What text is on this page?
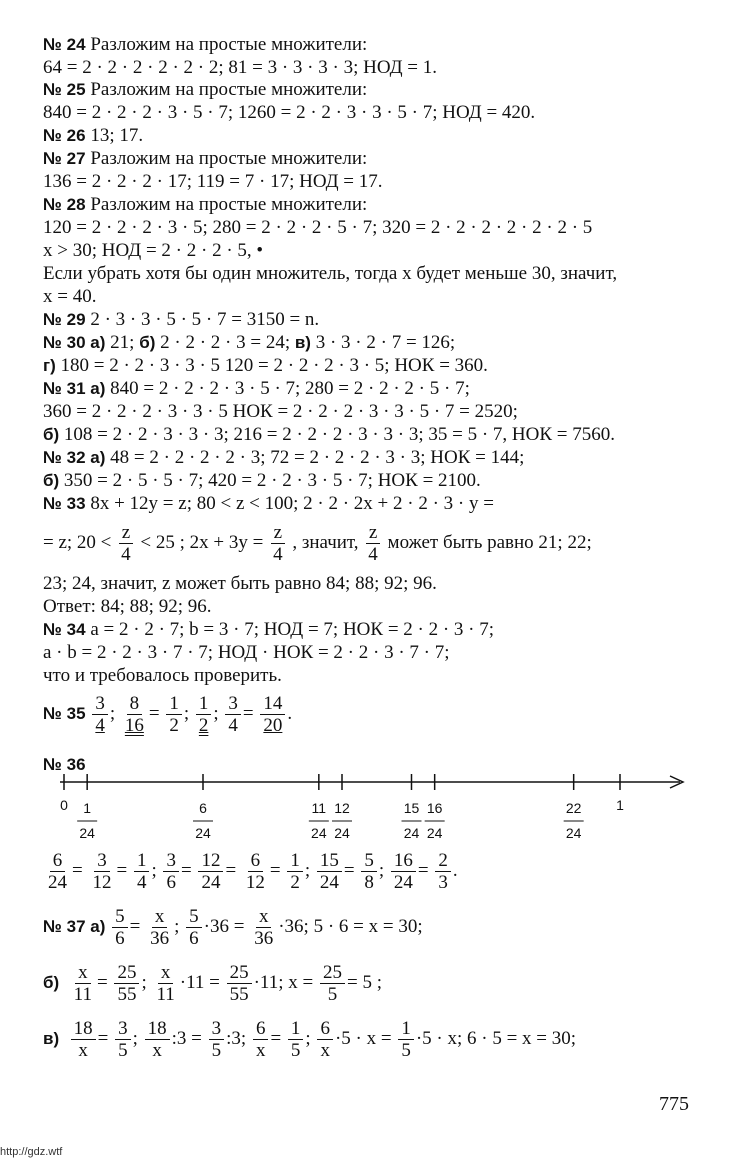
№ 24 Разложим на простые множители:
64 = 2 · 2 · 2 · 2 · 2 · 2; 81 = 3 · 3 · 3 · 3; НОД = 1.
№ 25 Разложим на простые множители:
840 = 2 · 2 · 2 · 3 · 5 · 7; 1260 = 2 · 2 · 3 · 3 · 5 · 7; НОД = 420.
№ 26 13; 17.
№ 27 Разложим на простые множители:
136 = 2 · 2 · 2 · 17; 119 = 7 · 17; НОД = 17.
№ 28 Разложим на простые множители:
120 = 2 · 2 · 2 · 3 · 5; 280 = 2 · 2 · 2 · 5 · 7; 320 = 2 · 2 · 2 · 2 · 2 · 2 · 5
x > 30; НОД = 2 · 2 · 2 · 5, •
Если убрать хотя бы один множитель, тогда x будет меньше 30, значит,
x = 40.
№ 29 2 · 3 · 3 · 5 · 5 · 7 = 3150 = n.
№ 30 а) 21; б) 2 · 2 · 2 · 3 = 24; в) 3 · 3 · 2 · 7 = 126;
г) 180 = 2 · 2 · 3 · 3 · 5 120 = 2 · 2 · 2 · 3 · 5; НОК = 360.
№ 31 а) 840 = 2 · 2 · 2 · 3 · 5 · 7; 280 = 2 · 2 · 2 · 5 · 7;
360 = 2 · 2 · 2 · 3 · 3 · 5 НОК = 2 · 2 · 2 · 3 · 3 · 5 · 7 = 2520;
б) 108 = 2 · 2 · 3 · 3 · 3; 216 = 2 · 2 · 2 · 3 · 3 · 3; 35 = 5 · 7, НОК = 7560.
№ 32 а) 48 = 2 · 2 · 2 · 2 · 3; 72 = 2 · 2 · 2 · 3 · 3; НОК = 144;
б) 350 = 2 · 5 · 5 · 7; 420 = 2 · 2 · 3 · 5 · 7; НОК = 2100.
№ 33 8x + 12y = z; 80 < z < 100; 2 · 2 · 2x + 2 · 2 · 3 · y =
= z; $20 < \frac{z}{4} < 25$ ; $2x + 3y = \frac{z}{4}$ , значит, $\frac{z}{4}$ может быть равно 21; 22;
23; 24, значит, z может быть равно 84; 88; 92; 96.
Ответ: 84; 88; 92; 96.
№ 34 a = 2 · 2 · 7; b = 3 · 7; НОД = 7; НОК = 2 · 2 · 3 · 7;
a · b = 2 · 2 · 3 · 7 · 7; НОД · НОК = 2 · 2 · 3 · 7 · 7;
что и требовалось проверить.
№ $35 \frac{3}{4}$ ; $\frac{8}{16} = \frac{1}{2}$ ; $\frac{1}{2}$ ; $\frac{3}{4} = \frac{14}{20}$ .
№ 36
0	1
24
6
24
11
24
12
24
15
24
16
24
22
24
1
$\frac{6}{24} = \frac{3}{12} = \frac{1}{4}$ ; $\frac{3}{6} = \frac{12}{24} = \frac{6}{12} = \frac{1}{2}$ ; $\frac{15}{24} = \frac{5}{8}$ ; $\frac{16}{24} = \frac{2}{3}$ .
№ 37 $а) \frac{5}{6} = \frac{x}{36}$ ; $\frac{5}{6} \cdot 36 = \frac{x}{36} \cdot 36$; 5 · 6 = x = 30;
$б) \frac{x}{11} = \frac{25}{55}$ ; $\frac{x}{11} \cdot 11 = \frac{25}{55} \cdot 11$; $x = \frac{25}{5} = 5$ ;
$в) \frac{18}{x} = \frac{3}{5}$ ; $\frac{18}{x}$ :3 = $\frac{3}{5}$ :3; $\frac{6}{x} = \frac{1}{5}$ ; $\frac{6}{x} \cdot 5 \cdot x = \frac{1}{5} \cdot 5 \cdot x$; 6 · 5 = x = 30;
775
http://gdz.wtf
